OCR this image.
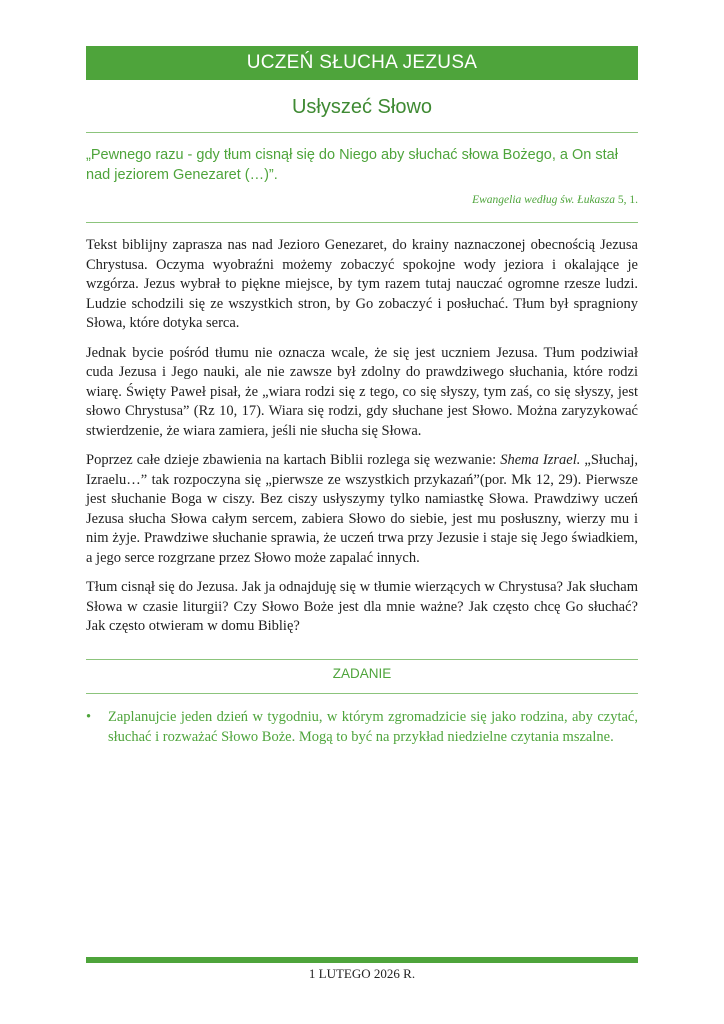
UCZEŃ SŁUCHA JEZUSA
Usłyszeć Słowo
„Pewnego razu - gdy tłum cisnął się do Niego aby słuchać słowa Bożego, a On stał nad jeziorem Genezaret (…)”.
Ewangelia według św. Łukasza 5, 1.

Tekst biblijny zaprasza nas nad Jezioro Genezaret, do krainy naznaczonej obecnością Jezusa Chrystusa. Oczyma wyobraźni możemy zobaczyć spokojne wody jeziora i okalające je wzgórza. Jezus wybrał to piękne miejsce, by tym razem tutaj nauczać ogromne rzesze ludzi. Ludzie schodzili się ze wszystkich stron, by Go zobaczyć i posłuchać. Tłum był spragniony Słowa, które dotyka serca.

Jednak bycie pośród tłumu nie oznacza wcale, że się jest uczniem Jezusa. Tłum podziwiał cuda Jezusa i Jego nauki, ale nie zawsze był zdolny do prawdziwego słuchania, które rodzi wiarę. Święty Paweł pisał, że „wiara rodzi się z tego, co się słyszy, tym zaś, co się słyszy, jest słowo Chrystusa” (Rz 10, 17). Wiara się rodzi, gdy słuchane jest Słowo. Można zaryzykować stwierdzenie, że wiara zamiera, jeśli nie słucha się Słowa.

Poprzez całe dzieje zbawienia na kartach Biblii rozlega się wezwanie: Shema Izrael. „Słuchaj, Izraelu…” tak rozpoczyna się „pierwsze ze wszystkich przykazań”(por. Mk 12, 29). Pierwsze jest słuchanie Boga w ciszy. Bez ciszy usłyszymy tylko namiastkę Słowa. Prawdziwy uczeń Jezusa słucha Słowa całym sercem, zabiera Słowo do siebie, jest mu posłuszny, wierzy mu i nim żyje. Prawdziwe słuchanie sprawia, że uczeń trwa przy Jezusie i staje się Jego świadkiem, a jego serce rozgrzane przez Słowo może zapalać innych.

Tłum cisnął się do Jezusa. Jak ja odnajduję się w tłumie wierzących w Chrystusa? Jak słucham Słowa w czasie liturgii? Czy Słowo Boże jest dla mnie ważne? Jak często chcę Go słuchać? Jak często otwieram w domu Biblię?

ZADANIE
• Zaplanujcie jeden dzień w tygodniu, w którym zgromadzicie się jako rodzina, aby czytać, słuchać i rozważać Słowo Boże. Mogą to być na przykład niedzielne czytania mszalne.
1 LUTEGO 2026 R.
